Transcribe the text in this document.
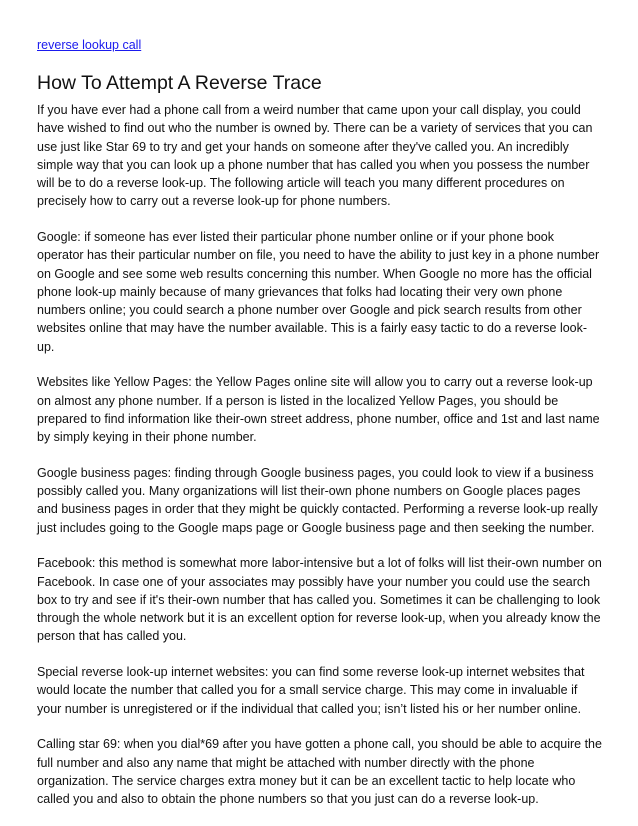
reverse lookup call
How To Attempt A Reverse Trace

If you have ever had a phone call from a weird number that came upon your call display, you could have wished to find out who the number is owned by. There can be a variety of services that you can use just like Star 69 to try and get your hands on someone after they've called you. An incredibly simple way that you can look up a phone number that has called you when you possess the number will be to do a reverse look-up. The following article will teach you many different procedures on precisely how to carry out a reverse look-up for phone numbers.

Google: if someone has ever listed their particular phone number online or if your phone book operator has their particular number on file, you need to have the ability to just key in a phone number on Google and see some web results concerning this number. When Google no more has the official phone look-up mainly because of many grievances that folks had locating their very own phone numbers online; you could search a phone number over Google and pick search results from other websites online that may have the number available. This is a fairly easy tactic to do a reverse look-up.

Websites like Yellow Pages: the Yellow Pages online site will allow you to carry out a reverse look-up on almost any phone number. If a person is listed in the localized Yellow Pages, you should be prepared to find information like their-own street address, phone number, office and 1st and last name by simply keying in their phone number.

Google business pages: finding through Google business pages, you could look to view if a business possibly called you. Many organizations will list their-own phone numbers on Google places pages and business pages in order that they might be quickly contacted. Performing a reverse look-up really just includes going to the Google maps page or Google business page and then seeking the number.

Facebook: this method is somewhat more labor-intensive but a lot of folks will list their-own number on Facebook. In case one of your associates may possibly have your number you could use the search box to try and see if it's their-own number that has called you. Sometimes it can be challenging to look through the whole network but it is an excellent option for reverse look-up, when you already know the person that has called you.

Special reverse look-up internet websites: you can find some reverse look-up internet websites that would locate the number that called you for a small service charge. This may come in invaluable if your number is unregistered or if the individual that called you; isn’t listed his or her number online.

Calling star 69: when you dial*69 after you have gotten a phone call, you should be able to acquire the full number and also any name that might be attached with number directly with the phone organization. The service charges extra money but it can be an excellent tactic to help locate who called you and also to obtain the phone numbers so that you just can do a reverse look-up.
